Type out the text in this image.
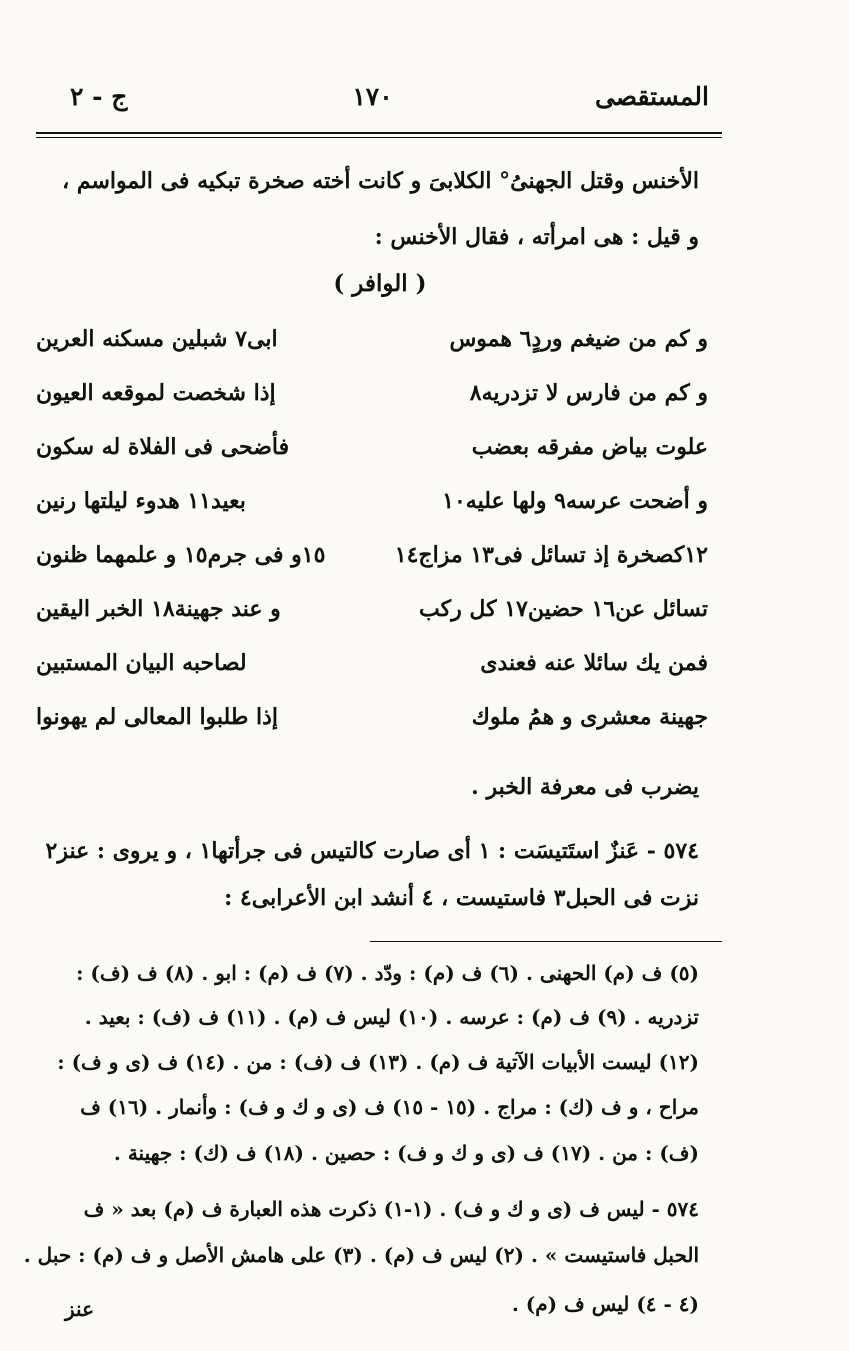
المستقصى
١٧٠
ج - ٢
الأخنس وقتل الجهنىُ° الكلابىَ و كانت أخته صخرة تبكيه فى المواسم ،
و قيل : هى امرأته ، فقال الأخنس :
( الوافر )
و كم من ضيغم وردٍ٦ هموس
ابى٧ شبلين مسكنه العرين
و كم من فارس لا تزدريه٨
إذا شخصت لموقعه العيون
علوت بياض مفرقه بعضب
فأضحى فى الفلاة له سكون
و أضحت عرسه٩ ولها عليه١٠
بعيد١١ هدوء ليلتها رنين
١٢كصخرة إذ تسائل فى١٣ مزاج١٤
١٥و فى جرم١٥ و علمهما ظنون
تسائل عن١٦ حضين١٧ كل ركب
و عند جهينة١٨ الخبر اليقين
فمن يك سائلا عنه فعندى
لصاحبه البيان المستبين
جهينة معشرى و همُ ملوك
إذا طلبوا المعالى لم يهونوا
يضرب فى معرفة الخبر .
٥٧٤ - عَنزٌ استَتيسَت : ١ أى صارت كالتيس فى جرأتها١ ، و يروى : عنز٢
نزت فى الحبل٣ فاستيست ، ٤ أنشد ابن الأعرابى٤ :
(٥) ف (م) الحهنى . (٦) ف (م) : ودّد . (٧) ف (م) : ابو . (٨) ف (ف) :
تزدريه . (٩) ف (م) : عرسه . (١٠) ليس ف (م) . (١١) ف (ف) : بعيد .
(١٢) ليست الأبيات الآتية ف (م) . (١٣) ف (ف) : من . (١٤) ف (ى و ف) :
مراح ، و ف (ك) : مراج . (١٥ - ١٥) ف (ى و ك و ف) : وأنمار . (١٦) ف
(ف) : من . (١٧) ف (ى و ك و ف) : حصين . (١٨) ف (ك) : جهينة .
٥٧٤ - ليس ف (ى و ك و ف) . (١-١) ذكرت هذه العبارة ف (م) بعد « ف
الحبل فاستيست » . (٢) ليس ف (م) . (٣) على هامش الأصل و ف (م) : حبل .
(٤ - ٤) ليس ف (م) .
عنز
